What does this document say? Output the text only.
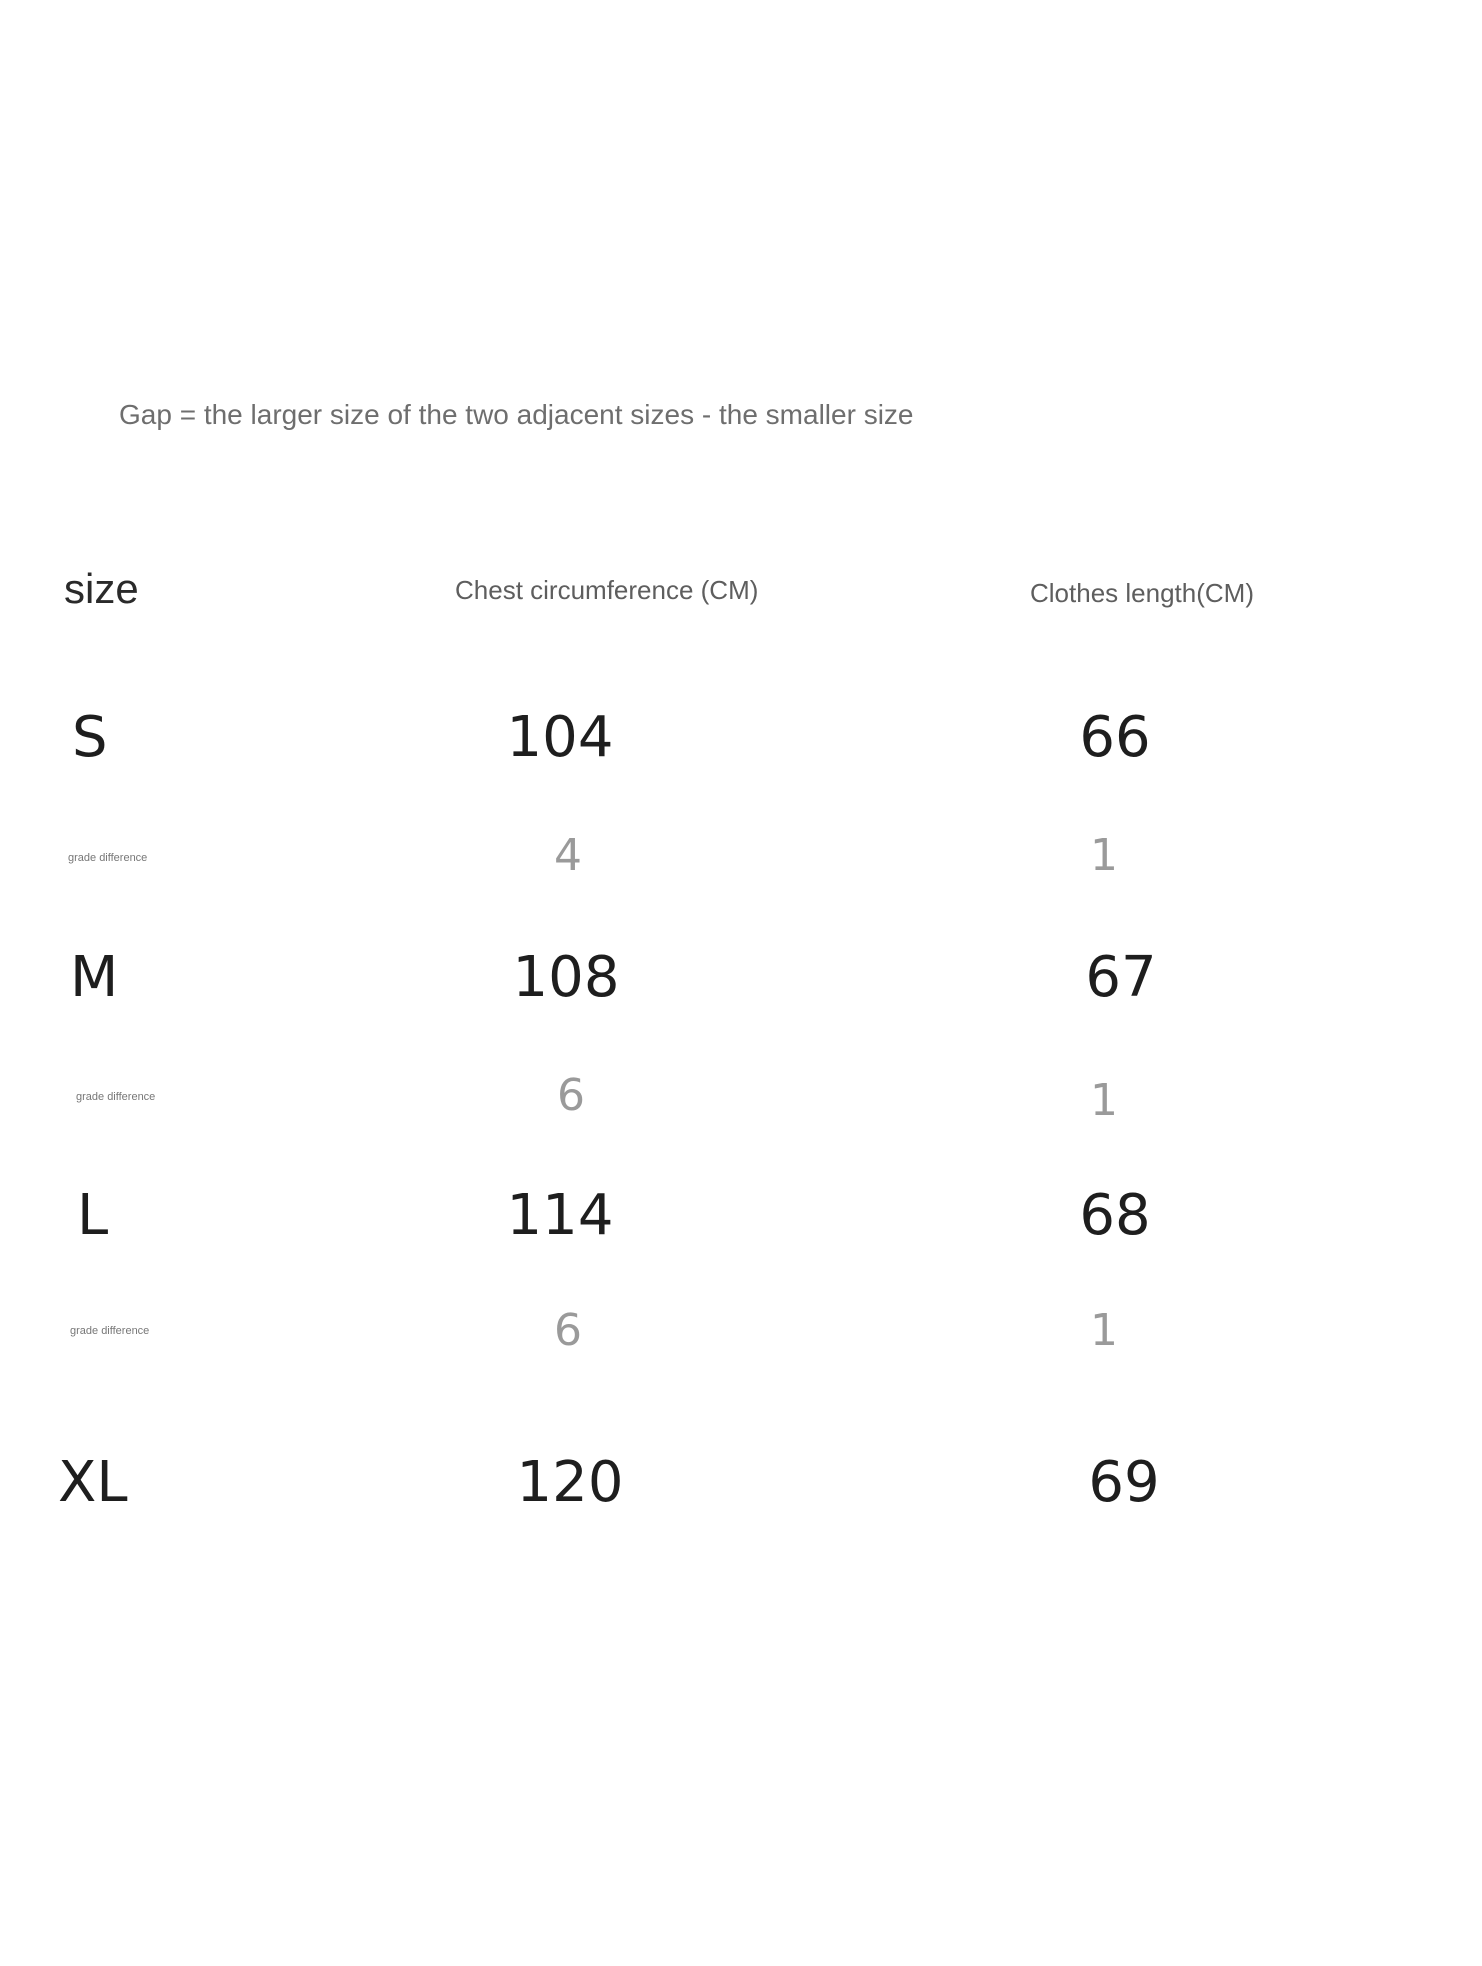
Gap = the larger size of the two adjacent sizes - the smaller size
size	Chest circumference (CM)	Clothes length(CM)
S	104	66
grade difference	4	1
M	108	67
grade difference	6	1
L	114	68
grade difference	6	1
XL	120	69
